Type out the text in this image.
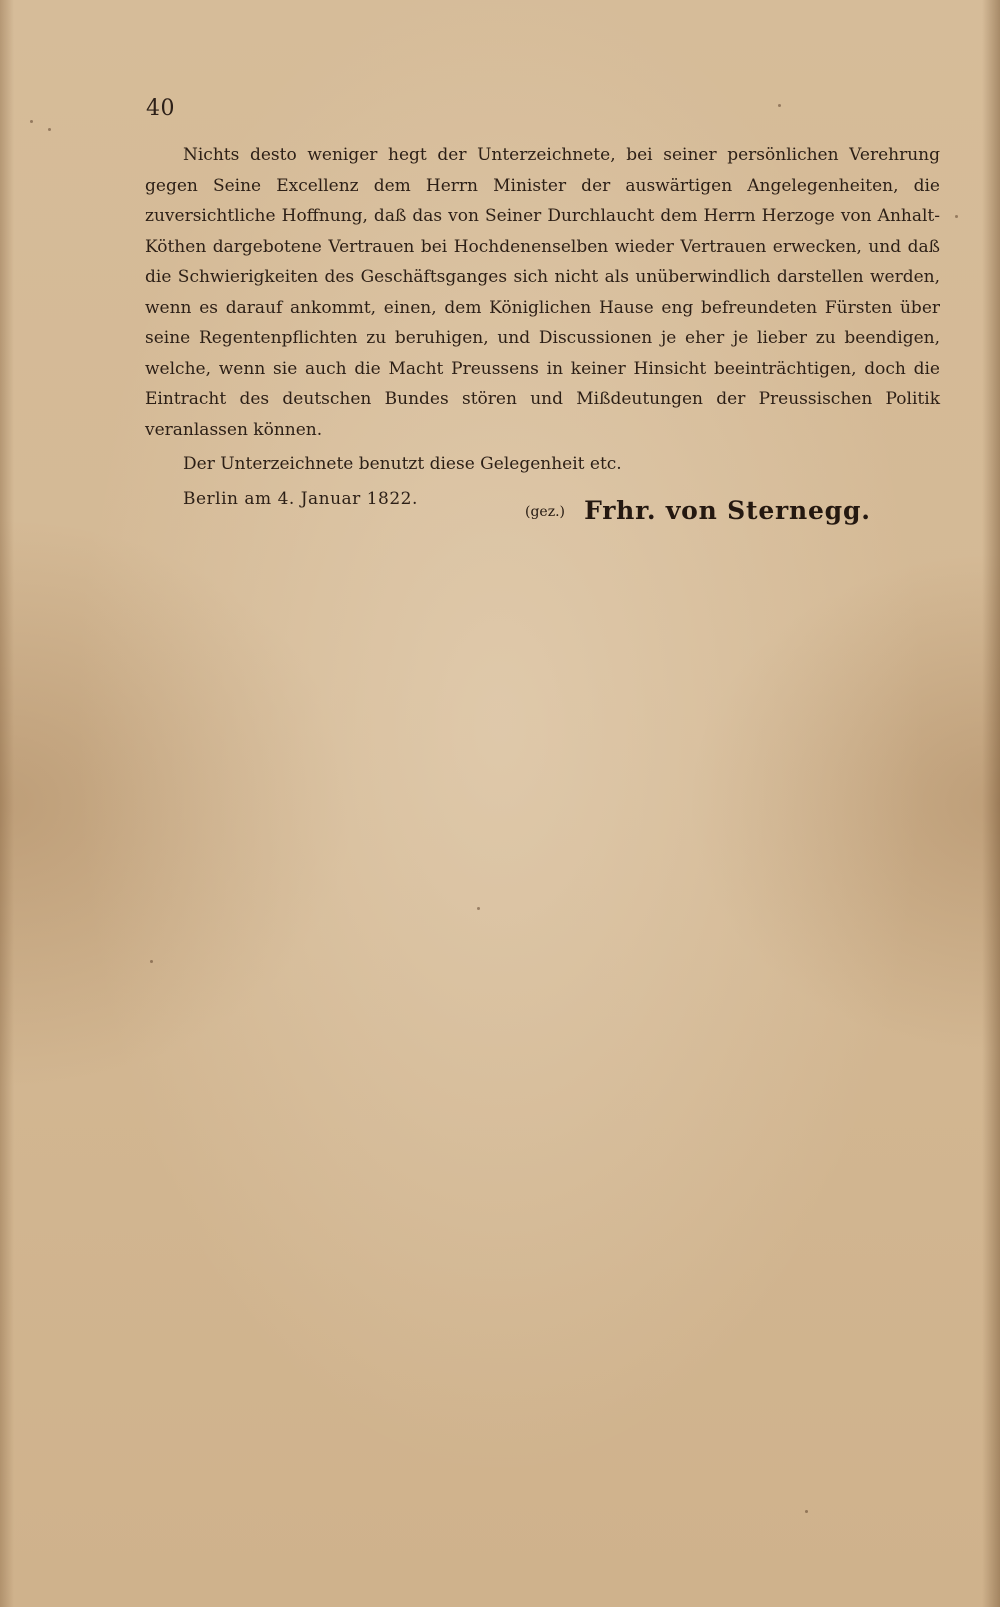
40

Nichts desto weniger hegt der Unterzeichnete, bei seiner persönlichen Verehrung gegen Seine Excellenz dem Herrn Minister der auswärtigen Angelegenheiten, die zuversichtliche Hoffnung, daß das von Seiner Durchlaucht dem Herrn Herzoge von Anhalt-Köthen dargebotene Vertrauen bei Hochdenenselben wieder Vertrauen erwecken, und daß die Schwierigkeiten des Geschäftsganges sich nicht als unüberwindlich darstellen werden, wenn es darauf ankommt, einen, dem Königlichen Hause eng befreundeten Fürsten über seine Regentenpflichten zu beruhigen, und Discussionen je eher je lieber zu beendigen, welche, wenn sie auch die Macht Preussens in keiner Hinsicht beeinträchtigen, doch die Eintracht des deutschen Bundes stören und Mißdeutungen der Preussischen Politik veranlassen können.

Der Unterzeichnete benutzt diese Gelegenheit etc.

Berlin am 4. Januar 1822.

(gez.) Frhr. von Sternegg.
